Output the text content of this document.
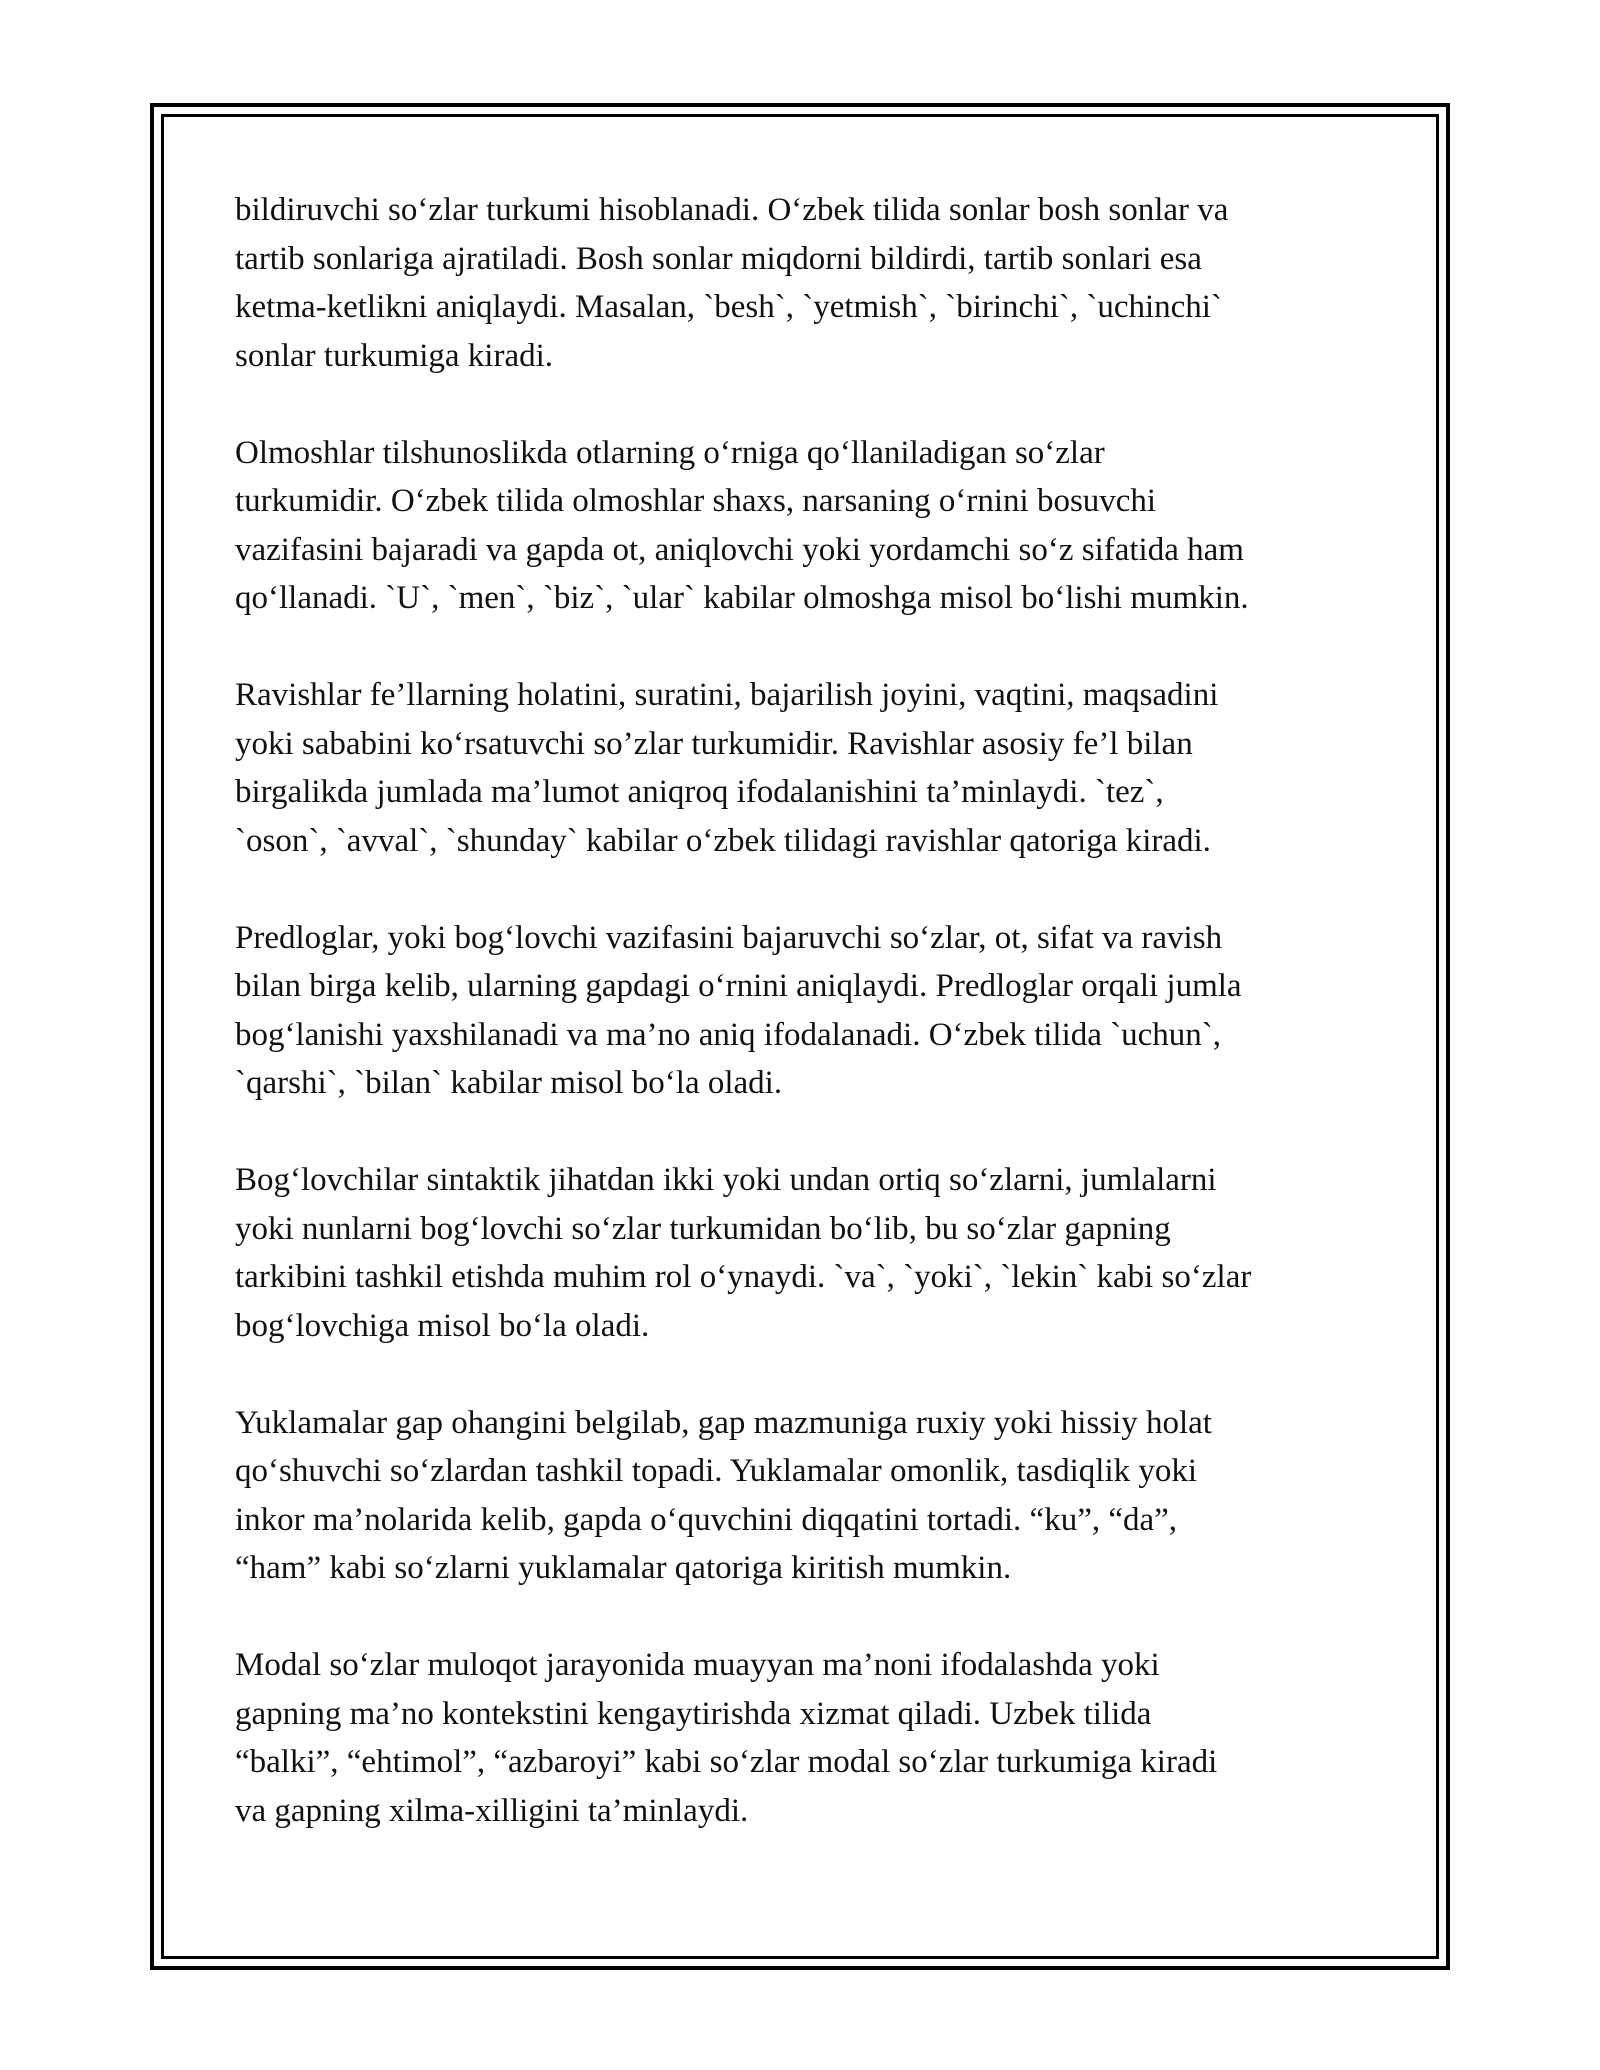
bildiruvchi so‘zlar turkumi hisoblanadi. O‘zbek tilida sonlar bosh sonlar va
tartib sonlariga ajratiladi. Bosh sonlar miqdorni bildirdi, tartib sonlari esa
ketma-ketlikni aniqlaydi. Masalan, `besh`, `yetmish`, `birinchi`, `uchinchi`
sonlar turkumiga kiradi.

Olmoshlar tilshunoslikda otlarning o‘rniga qo‘llaniladigan so‘zlar
turkumidir. O‘zbek tilida olmoshlar shaxs, narsaning o‘rnini bosuvchi
vazifasini bajaradi va gapda ot, aniqlovchi yoki yordamchi so‘z sifatida ham
qo‘llanadi. `U`, `men`, `biz`, `ular` kabilar olmoshga misol bo‘lishi mumkin.

Ravishlar fe’llarning holatini, suratini, bajarilish joyini, vaqtini, maqsadini
yoki sababini ko‘rsatuvchi so’zlar turkumidir. Ravishlar asosiy fe’l bilan
birgalikda jumlada ma’lumot aniqroq ifodalanishini ta’minlaydi. `tez`,
`oson`, `avval`, `shunday` kabilar o‘zbek tilidagi ravishlar qatoriga kiradi.

Predloglar, yoki bog‘lovchi vazifasini bajaruvchi so‘zlar, ot, sifat va ravish
bilan birga kelib, ularning gapdagi o‘rnini aniqlaydi. Predloglar orqali jumla
bog‘lanishi yaxshilanadi va ma’no aniq ifodalanadi. O‘zbek tilida `uchun`,
`qarshi`, `bilan` kabilar misol bo‘la oladi.

Bog‘lovchilar sintaktik jihatdan ikki yoki undan ortiq so‘zlarni, jumlalarni
yoki nunlarni bog‘lovchi so‘zlar turkumidan bo‘lib, bu so‘zlar gapning
tarkibini tashkil etishda muhim rol o‘ynaydi. `va`, `yoki`, `lekin` kabi so‘zlar
bog‘lovchiga misol bo‘la oladi.

Yuklamalar gap ohangini belgilab, gap mazmuniga ruxiy yoki hissiy holat
qo‘shuvchi so‘zlardan tashkil topadi. Yuklamalar omonlik, tasdiqlik yoki
inkor ma’nolarida kelib, gapda o‘quvchini diqqatini tortadi. “ku”, “da”,
“ham” kabi so‘zlarni yuklamalar qatoriga kiritish mumkin.

Modal so‘zlar muloqot jarayonida muayyan ma’noni ifodalashda yoki
gapning ma’no kontekstini kengaytirishda xizmat qiladi. Uzbek tilida
“balki”, “ehtimol”, “azbaroyi” kabi so‘zlar modal so‘zlar turkumiga kiradi
va gapning xilma-xilligini ta’minlaydi.
